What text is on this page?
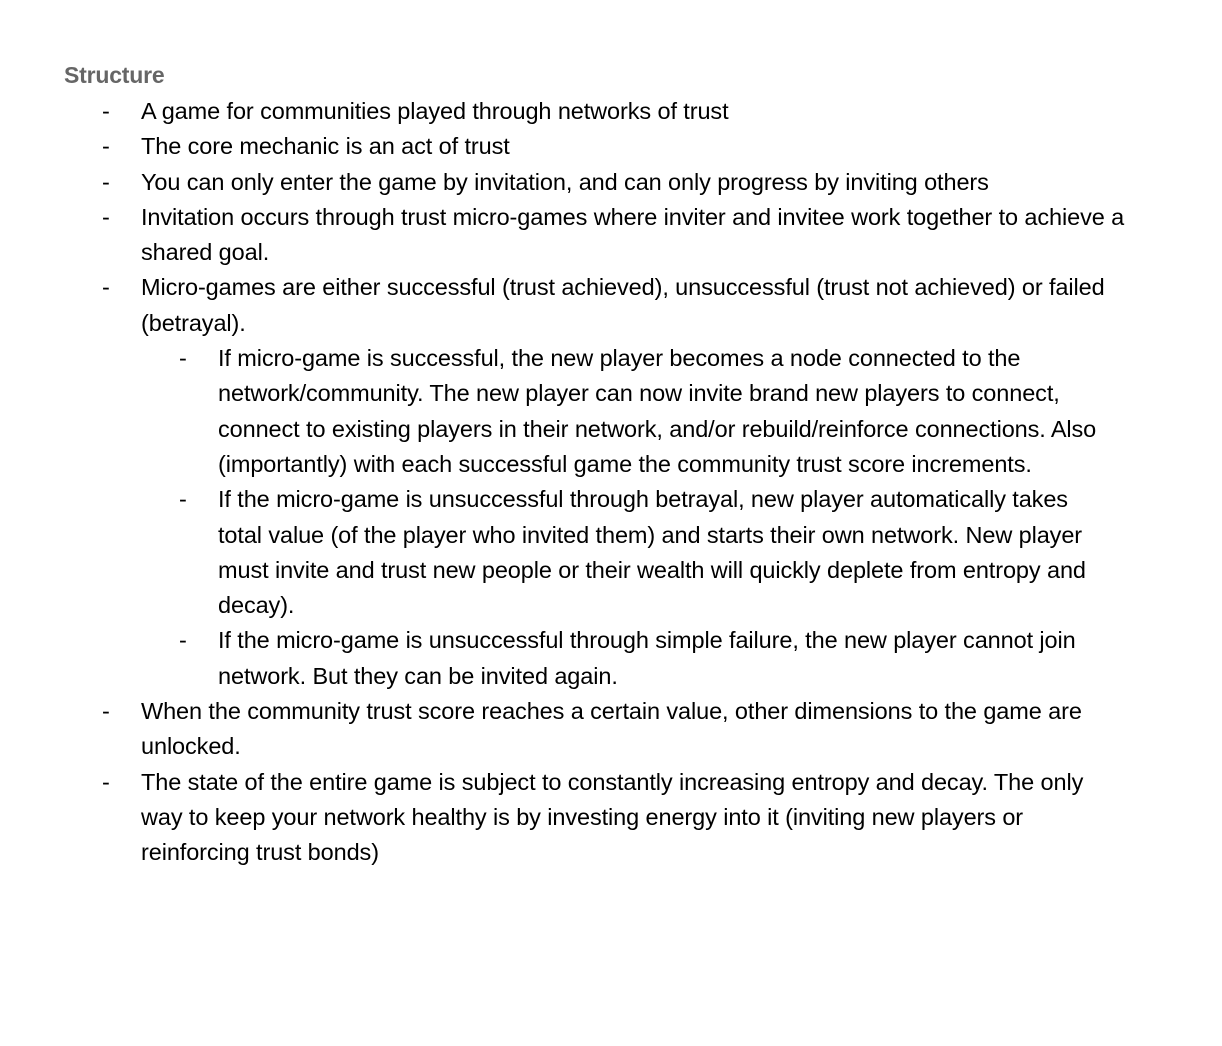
Structure
- A game for communities played through networks of trust
- The core mechanic is an act of trust
- You can only enter the game by invitation, and can only progress by inviting others
- Invitation occurs through trust micro-games where inviter and invitee work together to achieve a shared goal.
- Micro-games are either successful (trust achieved), unsuccessful (trust not achieved) or failed (betrayal).
- If micro-game is successful, the new player becomes a node connected to the network/community. The new player can now invite brand new players to connect, connect to existing players in their network, and/or rebuild/reinforce connections. Also (importantly) with each successful game the community trust score increments.
- If the micro-game is unsuccessful through betrayal, new player automatically takes total value (of the player who invited them) and starts their own network. New player must invite and trust new people or their wealth will quickly deplete from entropy and decay).
- If the micro-game is unsuccessful through simple failure, the new player cannot join network. But they can be invited again.
- When the community trust score reaches a certain value, other dimensions to the game are unlocked.
- The state of the entire game is subject to constantly increasing entropy and decay. The only way to keep your network healthy is by investing energy into it (inviting new players or reinforcing trust bonds)
